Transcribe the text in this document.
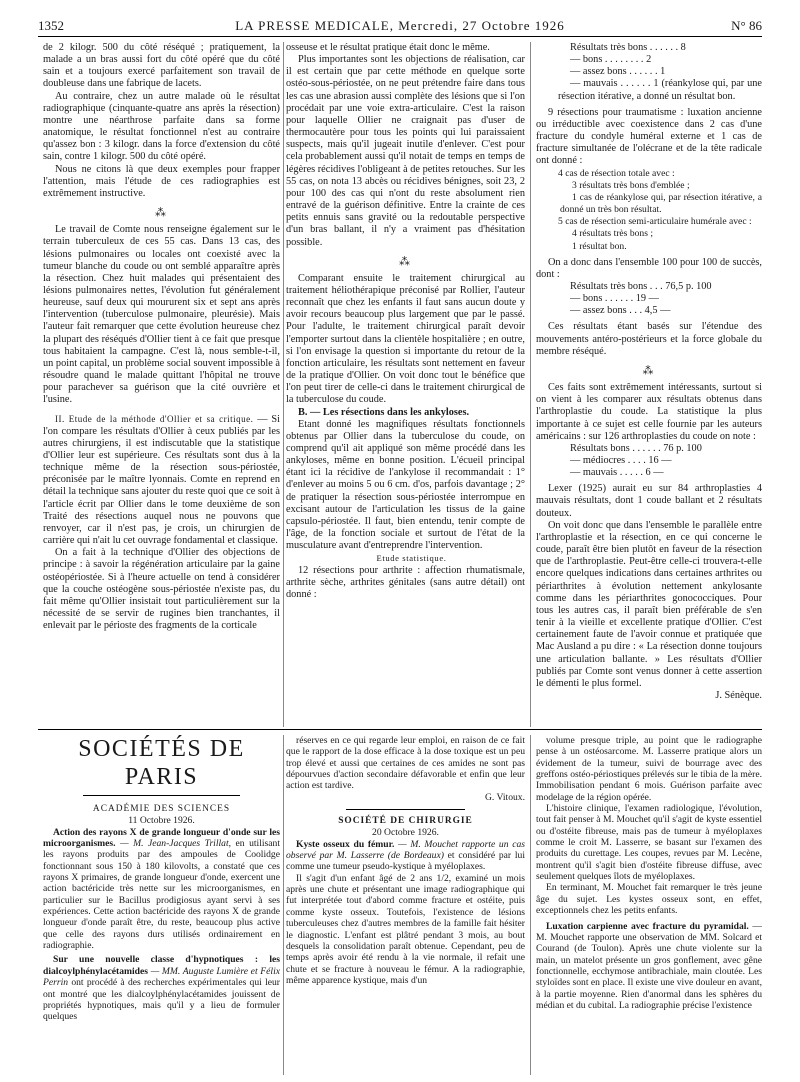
1352	LA PRESSE MEDICALE, Mercredi, 27 Octobre 1926	N° 86

de 2 kilogr. 500 du côté réséqué ; pratiquement, la malade a un bras aussi fort du côté opéré que du côté sain et a toujours exercé parfaitement son travail de doubleuse dans une fabrique de lacets.

Au contraire, chez un autre malade où le résultat radiographique (cinquante-quatre ans après la résection) montre une néarthrose parfaite dans sa forme anatomique, le résultat fonctionnel n'est au contraire qu'assez bon : 3 kilogr. dans la force d'extension du côté sain, contre 1 kilogr. 500 du côté opéré.

Nous ne citons là que deux exemples pour frapper l'attention, mais l'étude de ces radiographies est extrêmement instructive.

⁂

Le travail de Comte nous renseigne également sur le terrain tuberculeux de ces 55 cas. Dans 13 cas, des lésions pulmonaires ou locales ont coexisté avec la tumeur blanche du coude ou ont semblé apparaître après la résection. Chez huit malades qui présentaient des lésions pulmonaires nettes, l'évolution fut généralement heureuse, sauf deux qui moururent six et sept ans après l'intervention (tuberculose pulmonaire, pleurésie). Mais l'auteur fait remarquer que cette évolution heureuse chez la plupart des réséqués d'Ollier tient à ce fait que presque tous habitaient la campagne. C'est là, nous semble-t-il, un point capital, un problème social souvent impossible à résoudre quand le malade quittant l'hôpital ne trouve pour parachever sa guérison que la cité ouvrière et l'usine.

II. Etude de la méthode d'Ollier et sa critique. — Si l'on compare les résultats d'Ollier à ceux publiés par les autres chirurgiens, il est indiscutable que la statistique d'Ollier leur est supérieure. Ces résultats sont dus à la technique même de la résection sous-périostée, préconisée par le maître lyonnais. Comte en reprend en détail la technique sans ajouter du reste quoi que ce soit à l'article écrit par Ollier dans le tome deuxième de son Traité des résections auquel nous ne pouvons que renvoyer, car il n'est pas, je crois, un chirurgien de carrière qui n'ait lu cet ouvrage fondamental et classique.

On a fait à la technique d'Ollier des objections de principe : à savoir la régénération articulaire par la gaine ostéopériostée. Si à l'heure actuelle on tend à considérer que la couche ostéogène sous-périostée n'existe pas, du fait même qu'Ollier insistait tout particulièrement sur la nécessité de se servir de rugines bien tranchantes, il enlevait par le périoste des fragments de la corticale

osseuse et le résultat pratique était donc le même.

Plus importantes sont les objections de réalisation, car il est certain que par cette méthode en quelque sorte ostéo-sous-périostée, on ne peut prétendre faire dans tous les cas une abrasion aussi complète des lésions que si l'on procédait par une voie extra-articulaire. C'est la raison pour laquelle Ollier ne craignait pas d'user de thermocautère pour tous les points qui lui paraissaient suspects, mais qu'il jugeait inutile d'enlever. C'est pour cela probablement aussi qu'il notait de temps en temps de légères récidives l'obligeant à de petites retouches. Sur les 55 cas, on nota 13 abcès ou récidives bénignes, soit 23, 2 pour 100 des cas qui n'ont du reste absolument rien entravé de la guérison définitive. Entre la crainte de ces petits ennuis sans gravité ou la redoutable perspective d'un bras ballant, il n'y a vraiment pas d'hésitation possible.

⁂

Comparant ensuite le traitement chirurgical au traitement héliothérapique préconisé par Rollier, l'auteur reconnaît que chez les enfants il faut sans aucun doute y avoir recours beaucoup plus largement que par le passé. Pour l'adulte, le traitement chirurgical paraît devoir l'emporter surtout dans la clientèle hospitalière ; en outre, si l'on envisage la question si importante du retour de la fonction articulaire, les résultats sont nettement en faveur de la pratique d'Ollier. On voit donc tout le bénéfice que l'on peut tirer de celle-ci dans le traitement chirurgical de la tuberculose du coude.

B. — Les résections dans les ankyloses.

Etant donné les magnifiques résultats fonctionnels obtenus par Ollier dans la tuberculose du coude, on comprend qu'il ait appliqué son même procédé dans les ankyloses, même en bonne position. L'écueil principal étant ici la récidive de l'ankylose il recommandait : 1° d'enlever au moins 5 ou 6 cm. d'os, parfois davantage ; 2° de pratiquer la résection sous-périostée interrompue en excisant autour de l'articulation les tissus de la gaine capsulo-périostée. Il faut, bien entendu, tenir compte de l'âge, de la fonction sociale et surtout de l'état de la musculature avant d'entreprendre l'intervention.

Etude statistique.

12 résections pour arthrite : affection rhumatismale, arthrite sèche, arthrites génitales (sans autre détail) ont donné :

Résultats très bons . . . . . . 8

— bons . . . . . . . . 2

— assez bons . . . . . . 1

— mauvais . . . . . . 1 (réankylose qui, par une résection itérative, a donné un résultat bon.

9 résections pour traumatisme : luxation ancienne ou irréductible avec coexistence dans 2 cas d'une fracture du condyle huméral externe et 1 cas de fracture simultanée de l'olécrane et de la tête radicale ont donné :

4 cas de résection totale avec :

3 résultats très bons d'emblée ;

1 cas de réankylose qui, par résection itérative, a donné un très bon résultat.

5 cas de résection semi-articulaire humérale avec :

4 résultats très bons ;

1 résultat bon.

On a donc dans l'ensemble 100 pour 100 de succès, dont :

Résultats très bons . . . 76,5 p. 100

— bons . . . . . . 19 —

— assez bons . . . 4,5 —

Ces résultats étant basés sur l'étendue des mouvements antéro-postérieurs et la force globale du membre réséqué.

⁂

Ces faits sont extrêmement intéressants, surtout si on vient à les comparer aux résultats obtenus dans l'arthroplastie du coude. La statistique la plus importante à ce sujet est celle fournie par les auteurs américains : sur 126 arthroplasties du coude on note :

Résultats bons . . . . . . 76 p. 100

— médiocres . . . . 16 —

— mauvais . . . . . 6 —

Lexer (1925) aurait eu sur 84 arthroplasties 4 mauvais résultats, dont 1 coude ballant et 2 résultats douteux.

On voit donc que dans l'ensemble le parallèle entre l'arthroplastie et la résection, en ce qui concerne le coude, paraît être bien plutôt en faveur de la résection que de l'arthroplastie. Peut-être celle-ci trouvera-t-elle encore quelques indications dans certaines arthrites ou périarthrites à évolution nettement ankylosante comme dans les périarthrites gonococciques. Pour tous les autres cas, il paraît bien préférable de s'en tenir à la vieille et excellente pratique d'Ollier. C'est certainement faute de l'avoir connue et pratiquée que Mac Ausland a pu dire : « La résection donne toujours une articulation ballante. » Les résultats d'Ollier publiés par Comte sont venus donner à cette assertion le démenti le plus formel.

J. Sénèque.

SOCIÉTÉS DE PARIS

ACADÉMIE DES SCIENCES

11 Octobre 1926.

Action des rayons X de grande longueur d'onde sur les microorganismes. — M. Jean-Jacques Trillat, en utilisant les rayons produits par des ampoules de Coolidge fonctionnant sous 150 à 180 kilovolts, a constaté que ces rayons X primaires, de grande longueur d'onde, exercent une action bactéricide très nette sur les microorganismes, en particulier sur le Bacillus prodigiosus ayant servi à ses expériences. Cette action bactéricide des rayons X de grande longueur d'onde paraît être, du reste, beaucoup plus active que celle des rayons durs utilisés ordinairement en radiographie.

Sur une nouvelle classe d'hypnotiques : les dialcoylphénylacétamides — MM. Auguste Lumière et Félix Perrin ont procédé à des recherches expérimentales qui leur ont montré que les dialcoylphénylacétamides jouissent de propriétés hypnotiques, mais qu'il y a lieu de formuler quelques

réserves en ce qui regarde leur emploi, en raison de ce fait que le rapport de la dose efficace à la dose toxique est un peu trop élevé et aussi que certaines de ces amides ne sont pas dépourvues d'action secondaire défavorable et enfin que leur action est tardive.

G. Vitoux.

SOCIÉTÉ DE CHIRURGIE

20 Octobre 1926.

Kyste osseux du fémur. — M. Mouchet rapporte un cas observé par M. Lasserre (de Bordeaux) et considéré par lui comme une tumeur pseudo-kystique à myéloplaxes.

Il s'agit d'un enfant âgé de 2 ans 1/2, examiné un mois après une chute et présentant une image radiographique qui fut interprétée tout d'abord comme fracture et ostéite, puis comme kyste osseux. Toutefois, l'existence de lésions tuberculeuses chez d'autres membres de la famille fait hésiter le diagnostic. L'enfant est plâtré pendant 3 mois, au bout desquels la consolidation paraît obtenue. Cependant, peu de temps après avoir été rendu à la vie normale, il refait une chute et se fracture à nouveau le fémur. A la radiographie, même apparence kystique, mais d'un

volume presque triple, au point que le radiographe pense à un ostéosarcome. M. Lasserre pratique alors un évidement de la tumeur, suivi de bourrage avec des greffons ostéo-périostiques prélevés sur le tibia de la mère. Immobilisation pendant 6 mois. Guérison parfaite avec modelage de la région opérée.

L'histoire clinique, l'examen radiologique, l'évolution, tout fait penser à M. Mouchet qu'il s'agit de kyste essentiel ou d'ostéite fibreuse, mais pas de tumeur à myéloplaxes comme le croit M. Lasserre, se basant sur l'examen des produits du curettage. Les coupes, revues par M. Lecène, montrent qu'il s'agit bien d'ostéite fibreuse diffuse, avec seulement quelques îlots de myéloplaxes.

En terminant, M. Mouchet fait remarquer le très jeune âge du sujet. Les kystes osseux sont, en effet, exceptionnels chez les petits enfants.

Luxation carpienne avec fracture du pyramidal. — M. Mouchet rapporte une observation de MM. Solcard et Courand (de Toulon). Après une chute violente sur la main, un matelot présente un gros gonflement, avec gêne fonctionnelle, ecchymose antibrachiale, main cloutée. Les styloïdes sont en place. Il existe une vive douleur en avant, à la partie moyenne. Rien d'anormal dans les sphères du médian et du cubital. La radiographie précise l'existence
